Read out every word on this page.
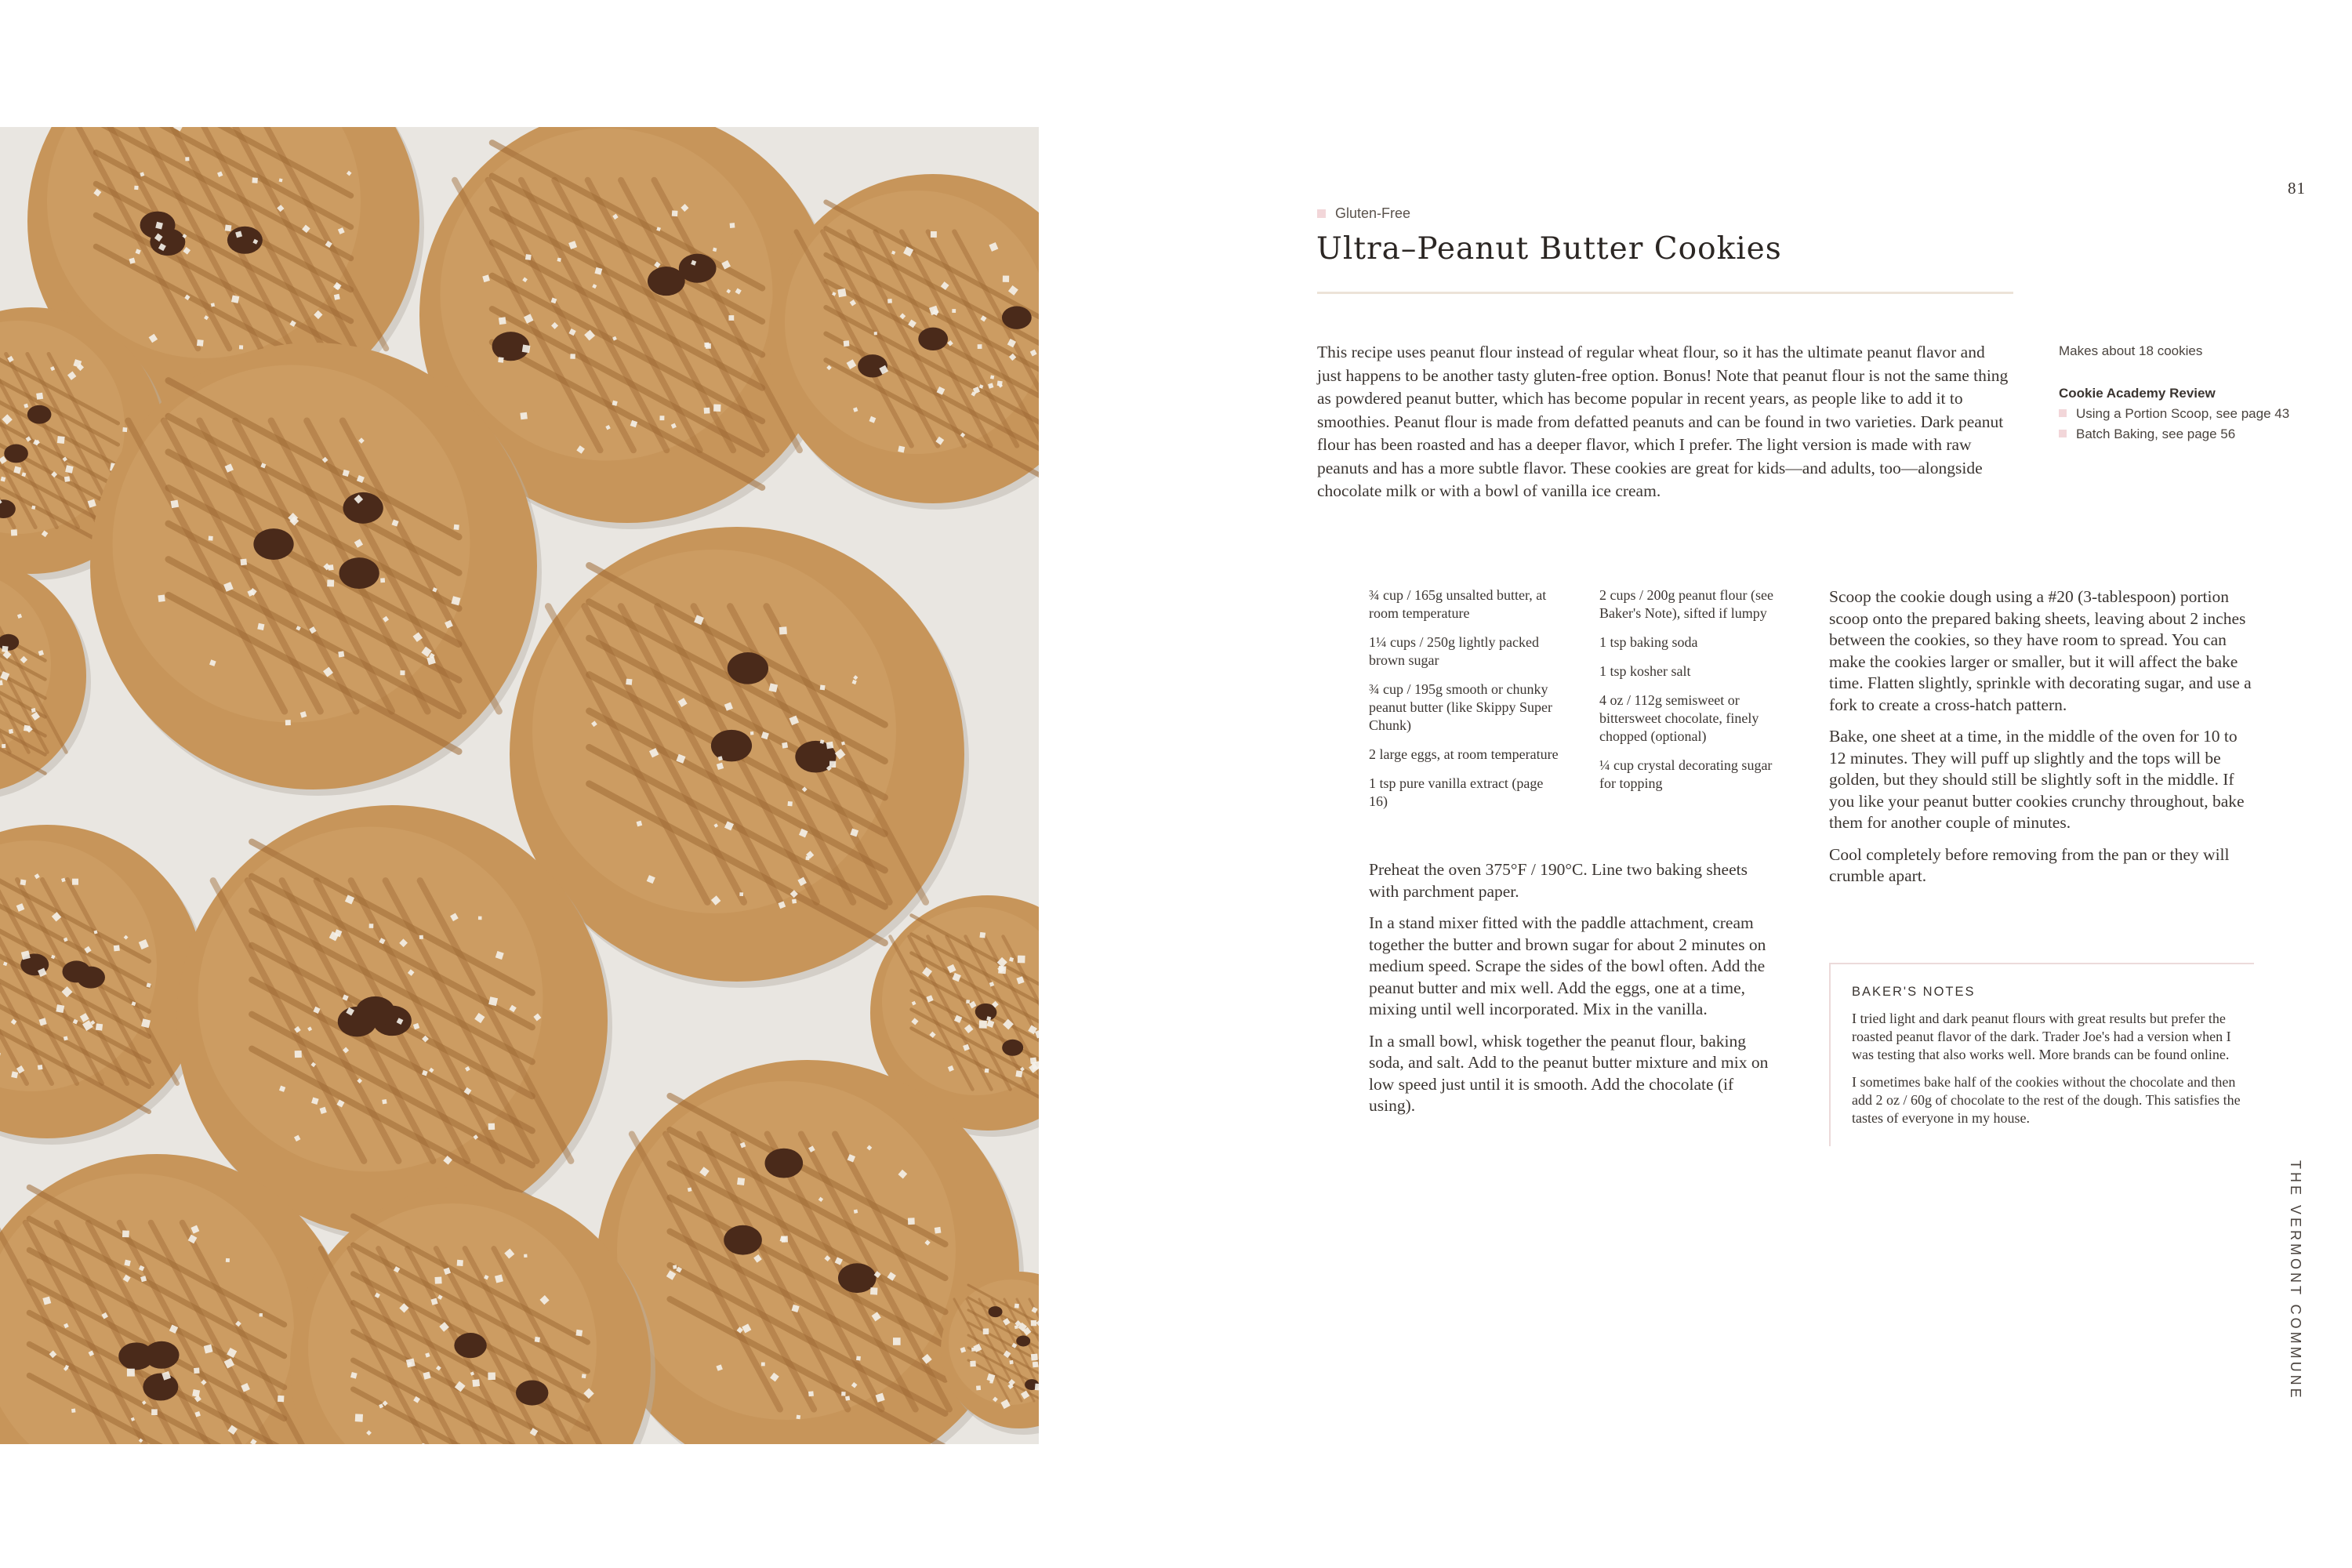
81
Gluten-Free
Ultra–Peanut Butter Cookies

This recipe uses peanut flour instead of regular wheat flour, so it has the ultimate peanut flavor and just happens to be another tasty gluten-free option. Bonus! Note that peanut flour is not the same thing as powdered peanut butter, which has become popular in recent years, as people like to add it to smoothies. Peanut flour is made from defatted peanuts and can be found in two varieties. Dark peanut flour has been roasted and has a deeper flavor, which I prefer. The light version is made with raw peanuts and has a more subtle flavor. These cookies are great for kids—and adults, too—alongside chocolate milk or with a bowl of vanilla ice cream.

Makes about 18 cookies

Cookie Academy Review

Using a Portion Scoop, see page 43
Batch Baking, see page 56

¾ cup / 165g unsalted butter, at room temperature

1¼ cups / 250g lightly packed brown sugar

¾ cup / 195g smooth or chunky peanut butter (like Skippy Super Chunk)

2 large eggs, at room temperature

1 tsp pure vanilla extract (page 16)

2 cups / 200g peanut flour (see Baker's Note), sifted if lumpy

1 tsp baking soda

1 tsp kosher salt

4 oz / 112g semisweet or bittersweet chocolate, finely chopped (optional)

¼ cup crystal decorating sugar for topping

Preheat the oven 375°F / 190°C. Line two baking sheets with parchment paper.

In a stand mixer fitted with the paddle attachment, cream together the butter and brown sugar for about 2 minutes on medium speed. Scrape the sides of the bowl often. Add the peanut butter and mix well. Add the eggs, one at a time, mixing until well incorporated. Mix in the vanilla.

In a small bowl, whisk together the peanut flour, baking soda, and salt. Add to the peanut butter mixture and mix on low speed just until it is smooth. Add the chocolate (if using).

Scoop the cookie dough using a #20 (3-tablespoon) portion scoop onto the prepared baking sheets, leaving about 2 inches between the cookies, so they have room to spread. You can make the cookies larger or smaller, but it will affect the bake time. Flatten slightly, sprinkle with decorating sugar, and use a fork to create a cross-hatch pattern.

Bake, one sheet at a time, in the middle of the oven for 10 to 12 minutes. They will puff up slightly and the tops will be golden, but they should still be slightly soft in the middle. If you like your peanut butter cookies crunchy throughout, bake them for another couple of minutes.

Cool completely before removing from the pan or they will crumble apart.

BAKER'S NOTES

I tried light and dark peanut flours with great results but prefer the roasted peanut flavor of the dark. Trader Joe's had a version when I was testing that also works well. More brands can be found online.

I sometimes bake half of the cookies without the chocolate and then add 2 oz / 60g of chocolate to the rest of the dough. This satisfies the tastes of everyone in my house.

THE VERMONT COMMUNE
